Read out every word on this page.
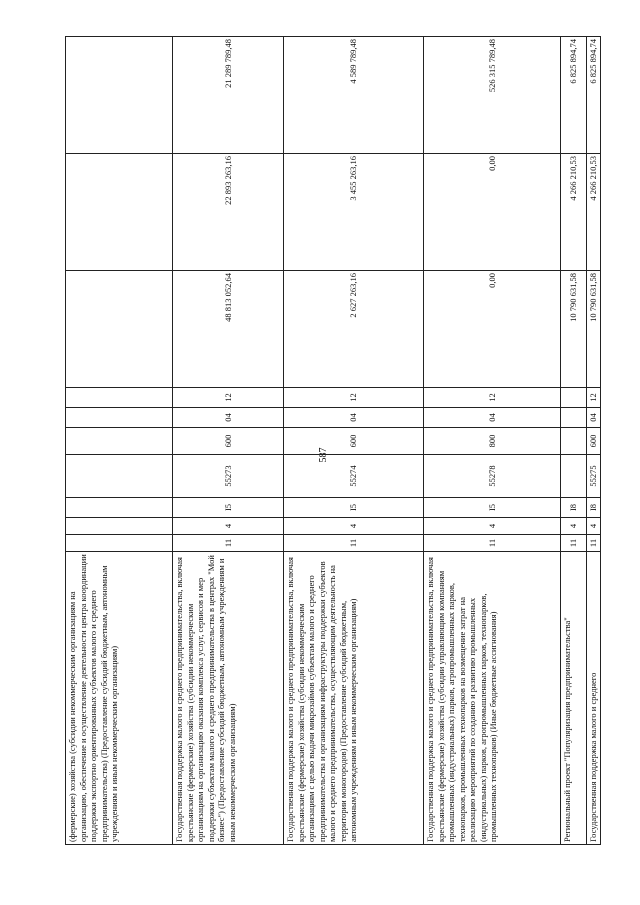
587
(фермерские) хозяйства (субсидии некоммерческим организациям на организацию, обеспечение и осуществление деятельности центра координации поддержки экспортно ориентированных субъектов малого и среднего предпринимательства) (Предоставление субсидий бюджетным, автономным учреждениям и иным некоммерческим организациям)										
Государственная поддержка малого и среднего предпринимательства, включая крестьянские (фермерские) хозяйства (субсидии некоммерческим организациям на организацию оказания комплекса услуг, сервисов и мер поддержки субъектам малого и среднего предпринимательства в центрах "Мой бизнес") (Предоставление субсидий бюджетным, автономным учреждениям и иным некоммерческим организациям)	11	4	I5	55273	600	04	12	48 813 052,64	22 893 263,16	21 289 789,48
Государственная поддержка малого и среднего предпринимательства, включая крестьянские (фермерские) хозяйства (субсидии некоммерческим организациям с целью выдачи микрозаймов субъектам малого и среднего предпринимательства и организациям инфраструктуры поддержки субъектов малого и среднего предпринимательства, осуществляющим деятельность на территории моногородов) (Предоставление субсидий бюджетным, автономным учреждениям и иным некоммерческим организациям)	11	4	I5	55274	600	04	12	2 627 263,16	3 455 263,16	4 589 789,48
Государственная поддержка малого и среднего предпринимательства, включая крестьянские (фермерские) хозяйства (субсидии управляющим компаниям промышленных (индустриальных) парков, агропромышленных парков, технопарков, промышленных технопарков на возмещение затрат на реализацию мероприятий по созданию и развитию промышленных (индустриальных) парков, агропромышленных парков, технопарков, промышленных технопарков) (Иные бюджетные ассигнования)	11	4	I5	55278	800	04	12	0,00	0,00	526 315 789,48
Региональный проект "Популяризация предпринимательства"	11	4	I8					10 790 631,58	4 266 210,53	6 825 894,74
Государственная поддержка малого и среднего	11	4	I8	55275	600	04	12	10 790 631,58	4 266 210,53	6 825 894,74
